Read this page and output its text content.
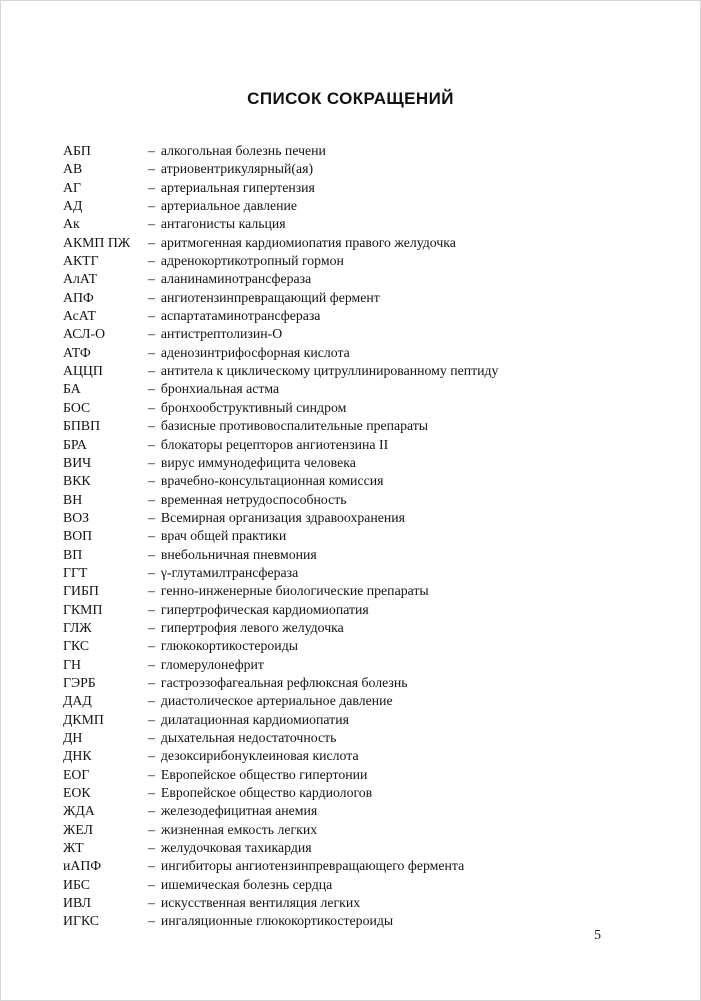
СПИСОК СОКРАЩЕНИЙ
АБП	– алкогольная болезнь печени
АВ	– атриовентрикулярный(ая)
АГ	– артериальная гипертензия
АД	– артериальное давление
Ак	– антагонисты кальция
АКМП ПЖ	– аритмогенная кардиомиопатия правого желудочка
АКТГ	– адренокортикотропный гормон
АлАТ	– аланинаминотрансфераза
АПФ	– ангиотензинпревращающий фермент
АсАТ	– аспартатаминотрансфераза
АСЛ-О	– антистрептолизин-О
АТФ	– аденозинтрифосфорная кислота
АЦЦП	– антитела к циклическому цитруллинированному пептиду
БА	– бронхиальная астма
БОС	– бронхообструктивный синдром
БПВП	– базисные противовоспалительные препараты
БРА	– блокаторы рецепторов ангиотензина II
ВИЧ	– вирус иммунодефицита человека
ВКК	– врачебно-консультационная комиссия
ВН	– временная нетрудоспособность
ВОЗ	– Всемирная организация здравоохранения
ВОП	– врач общей практики
ВП	– внебольничная пневмония
ГГТ	– γ-глутамилтрансфераза
ГИБП	– генно-инженерные биологические препараты
ГКМП	– гипертрофическая кардиомиопатия
ГЛЖ	– гипертрофия левого желудочка
ГКС	– глюкокортикостероиды
ГН	– гломерулонефрит
ГЭРБ	– гастроэзофагеальная рефлюксная болезнь
ДАД	– диастолическое артериальное давление
ДКМП	– дилатационная кардиомиопатия
ДН	– дыхательная недостаточность
ДНК	– дезоксирибонуклеиновая кислота
ЕОГ	– Европейское общество гипертонии
ЕОК	– Европейское общество кардиологов
ЖДА	– железодефицитная анемия
ЖЕЛ	– жизненная емкость легких
ЖТ	– желудочковая тахикардия
иАПФ	– ингибиторы ангиотензинпревращающего фермента
ИБС	– ишемическая болезнь сердца
ИВЛ	– искусственная вентиляция легких
ИГКС	– ингаляционные глюкокортикостероиды
5
